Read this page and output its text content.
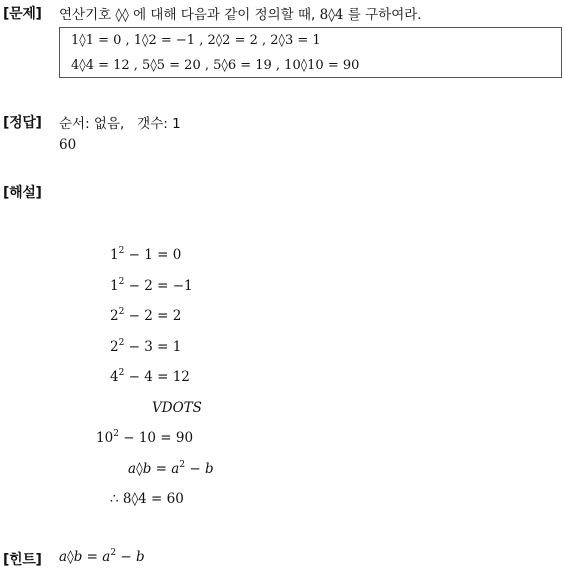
[문제] 연산기호 ◊◊ 에 대해 다음과 같이 정의할 때, 8◊4 를 구하여라.
1◊1 = 0 , 1◊2 = −1 , 2◊2 = 2 , 2◊3 = 1
4◊4 = 12 , 5◊5 = 20 , 5◊6 = 19 , 10◊10 = 90
[정답] 순서: 없음,   갯수: 1
60
[해설]
$1^2 - 1 = 0$
$1^2 - 2 = -1$
$2^2 - 2 = 2$
$2^2 - 3 = 1$
$4^2 - 4 = 12$
VDOTS
$10^2 - 10 = 90$
a◊b = $a^2 - b$
∴ 8◊4 = 60
[힌트] a◊b = $a^2 - b$
